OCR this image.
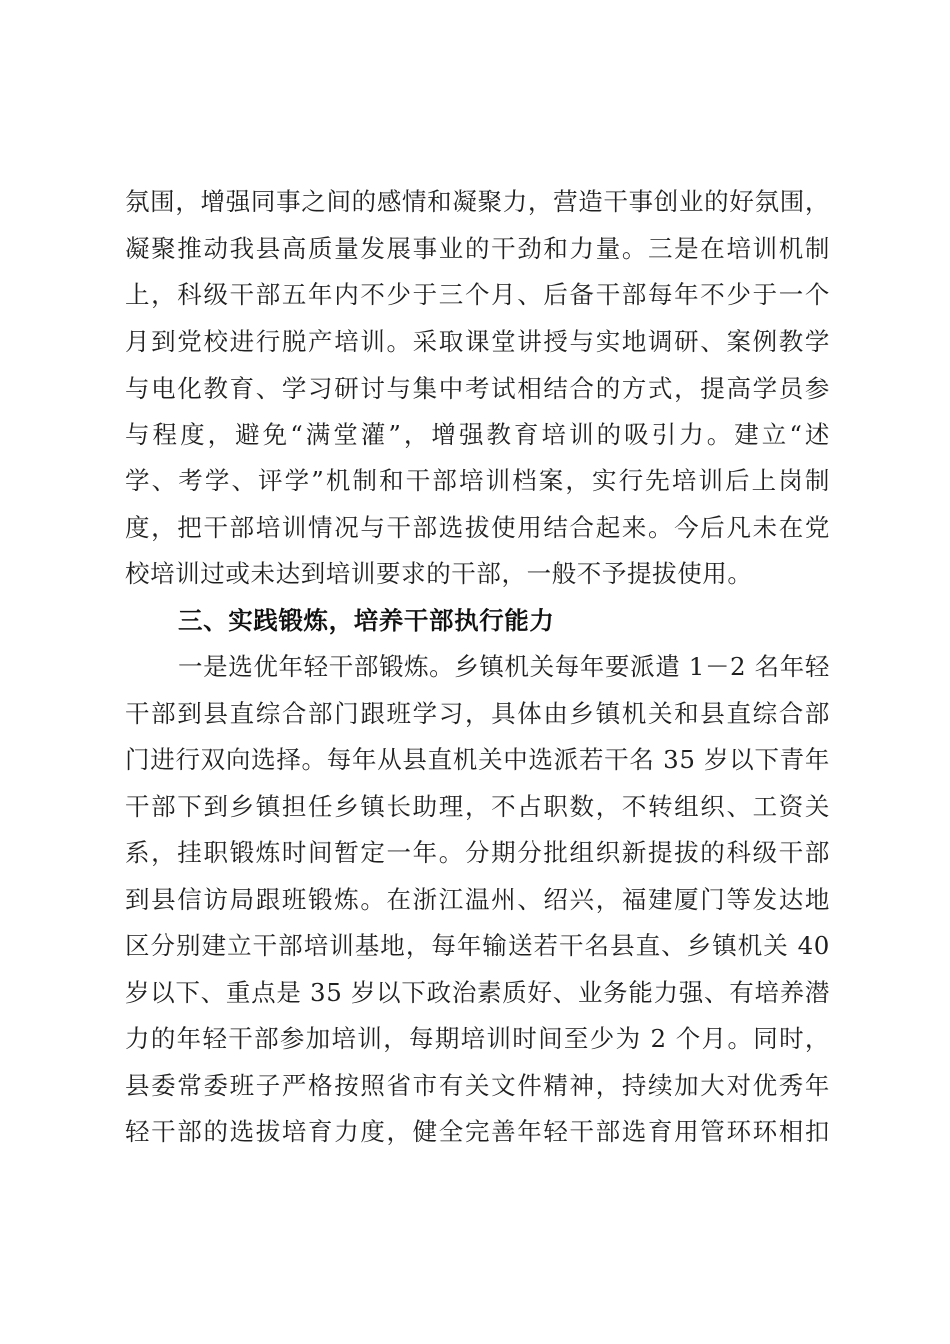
氛围，增强同事之间的感情和凝聚力，营造干事创业的好氛围，
凝聚推动我县高质量发展事业的干劲和力量。三是在培训机制
上，科级干部五年内不少于三个月、后备干部每年不少于一个
月到党校进行脱产培训。采取课堂讲授与实地调研、案例教学
与电化教育、学习研讨与集中考试相结合的方式，提高学员参
与程度，避免“满堂灌”，增强教育培训的吸引力。建立“述
学、考学、评学”机制和干部培训档案，实行先培训后上岗制
度，把干部培训情况与干部选拔使用结合起来。今后凡未在党
校培训过或未达到培训要求的干部，一般不予提拔使用。
三、实践锻炼，培养干部执行能力
一是选优年轻干部锻炼。乡镇机关每年要派遣 1－2 名年轻
干部到县直综合部门跟班学习，具体由乡镇机关和县直综合部
门进行双向选择。每年从县直机关中选派若干名 35 岁以下青年
干部下到乡镇担任乡镇长助理，不占职数，不转组织、工资关
系，挂职锻炼时间暂定一年。分期分批组织新提拔的科级干部
到县信访局跟班锻炼。在浙江温州、绍兴，福建厦门等发达地
区分别建立干部培训基地，每年输送若干名县直、乡镇机关 40
岁以下、重点是 35 岁以下政治素质好、业务能力强、有培养潜
力的年轻干部参加培训，每期培训时间至少为 2 个月。同时，
县委常委班子严格按照省市有关文件精神，持续加大对优秀年
轻干部的选拔培育力度，健全完善年轻干部选育用管环环相扣
